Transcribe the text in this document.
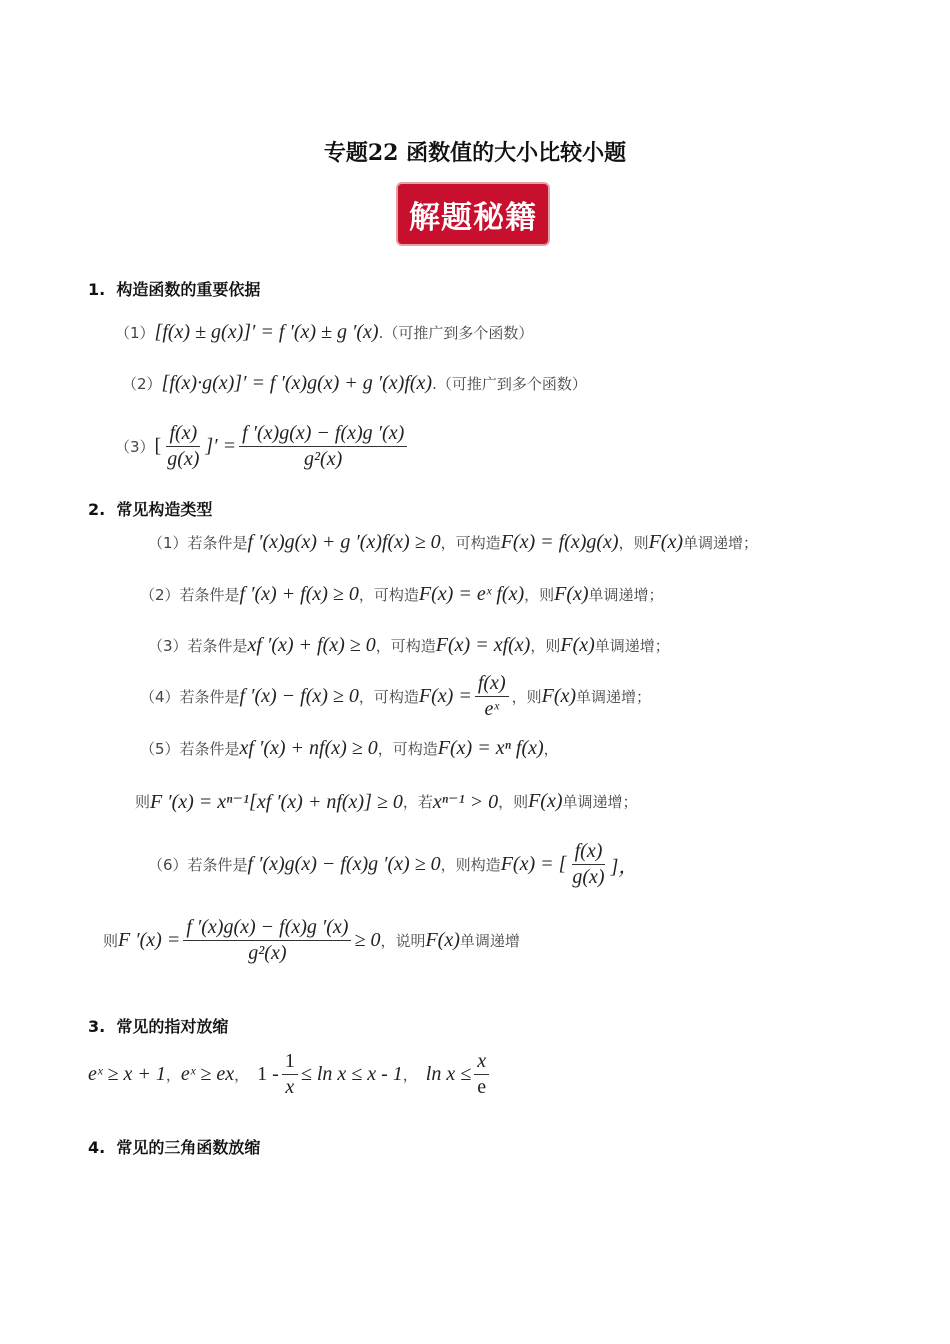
专题22 函数值的大小比较小题
解题秘籍
1. 构造函数的重要依据
（1） [f(x) ± g(x)]′ = f ′(x) ± g ′(x) .（可推广到多个函数）
（2） [f(x)·g(x)]′ = f ′(x)g(x) + g ′(x)f(x) .（可推广到多个函数）
（3） [ $\frac{f(x)}{g(x)}$ ]′ = $\frac{f '(x)g(x) - f(x)g '(x)}{\text{g²(x)}}$
2. 常见构造类型
（1）若条件是 f ′(x)g(x) + g ′(x)f(x) ≥ 0 ，可构造 F(x) = f(x)g(x) ，则 F(x) 单调递增；
（2）若条件是 f ′(x) + f(x) ≥ 0 ，可构造 F(x) = eˣ f(x) ，则 F(x) 单调递增；
（3）若条件是 xf ′(x) + f(x) ≥ 0 ，可构造 F(x) = xf(x) ，则 F(x) 单调递增；
（4）若条件是 f ′(x) − f(x) ≥ 0 ，可构造 $F(x) = \frac{f(x)}{\text{eˣ}}$ ，则 F(x) 单调递增；
（5）若条件是 xf ′(x) + nf(x) ≥ 0 ，可构造 F(x) = xⁿ f(x) ，
则 F ′(x) = xⁿ⁻¹[xf ′(x) + nf(x)] ≥ 0 ，若 xⁿ⁻¹ > 0 ，则 F(x) 单调递增；
（6）若条件是 f ′(x)g(x) − f(x)g ′(x) ≥ 0 ，则构造 F(x) = [ $\frac{f(x)}{g(x)}$ ]，
则 F $'(x) = \frac{f '(x)g(x) - f(x)g '(x)}{\text{g²(x)}} \ge 0$ ，说明 F(x) 单调递增
3. 常见的指对放缩
eˣ ≥ x + 1 ， eˣ ≥ ex ， $1 - \frac{1}{x} \le \ln x \le x - 1$ ， $\ln x \le \frac{x}{e}$
4. 常见的三角函数放缩
